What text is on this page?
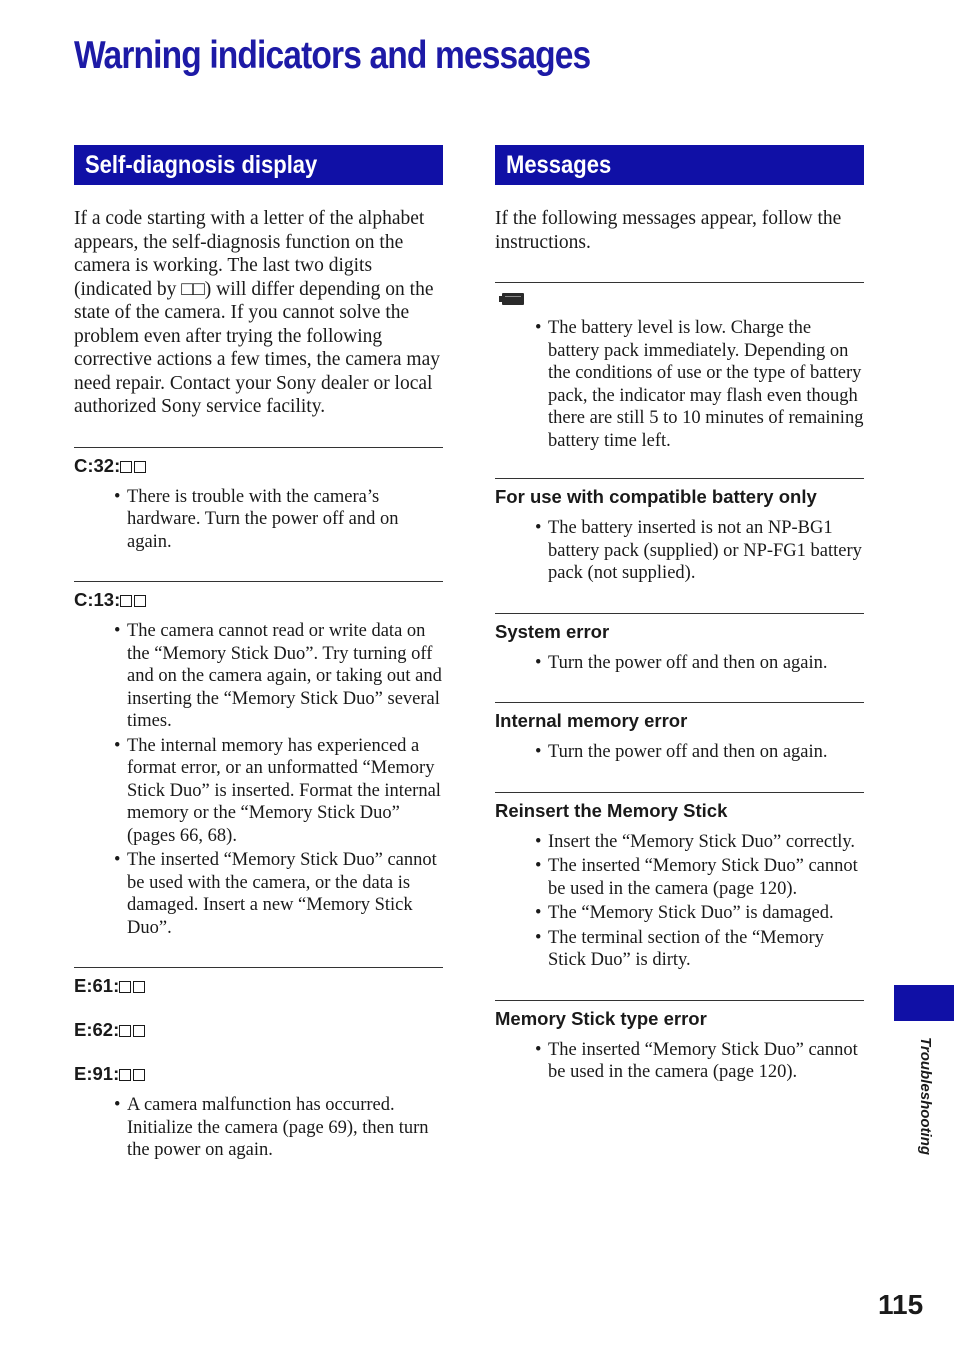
Warning indicators and messages
Self-diagnosis display

If a code starting with a letter of the alphabet appears, the self-diagnosis function on the camera is working. The last two digits (indicated by □□) will differ depending on the state of the camera. If you cannot solve the problem even after trying the following corrective actions a few times, the camera may need repair. Contact your Sony dealer or local authorized Sony service facility.

C:32:

• There is trouble with the camera’s hardware. Turn the power off and on again.

C:13:

• The camera cannot read or write data on the “Memory Stick Duo”. Try turning off and on the camera again, or taking out and inserting the “Memory Stick Duo” several times.
• The internal memory has experienced a format error, or an unformatted “Memory Stick Duo” is inserted. Format the internal memory or the “Memory Stick Duo” (pages 66, 68).
• The inserted “Memory Stick Duo” cannot be used with the camera, or the data is damaged. Insert a new “Memory Stick Duo”.

E:61:

E:62:

E:91:

• A camera malfunction has occurred. Initialize the camera (page 69), then turn the power on again.
Messages

If the following messages appear, follow the instructions.

• The battery level is low. Charge the battery pack immediately. Depending on the conditions of use or the type of battery pack, the indicator may flash even though there are still 5 to 10 minutes of remaining battery time left.

For use with compatible battery only

• The battery inserted is not an NP-BG1 battery pack (supplied) or NP-FG1 battery pack (not supplied).

System error

• Turn the power off and then on again.

Internal memory error

• Turn the power off and then on again.

Reinsert the Memory Stick

• Insert the “Memory Stick Duo” correctly.
• The inserted “Memory Stick Duo” cannot be used in the camera (page 120).
• The “Memory Stick Duo” is damaged.
• The terminal section of the “Memory Stick Duo” is dirty.

Memory Stick type error

• The inserted “Memory Stick Duo” cannot be used in the camera (page 120).	Troubleshooting
115
